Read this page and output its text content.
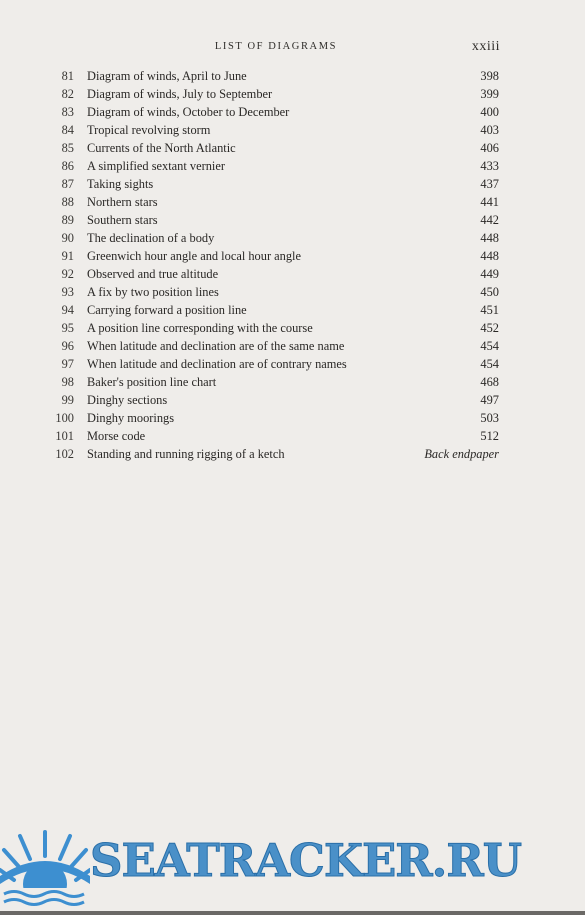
LIST OF DIAGRAMS	xxiii
81 Diagram of winds, April to June	398
82 Diagram of winds, July to September	399
83 Diagram of winds, October to December	400
84 Tropical revolving storm	403
85 Currents of the North Atlantic	406
86 A simplified sextant vernier	433
87 Taking sights	437
88 Northern stars	441
89 Southern stars	442
90 The declination of a body	448
91 Greenwich hour angle and local hour angle	448
92 Observed and true altitude	449
93 A fix by two position lines	450
94 Carrying forward a position line	451
95 A position line corresponding with the course	452
96 When latitude and declination are of the same name	454
97 When latitude and declination are of contrary names	454
98 Baker's position line chart	468
99 Dinghy sections	497
100 Dinghy moorings	503
101 Morse code	512
102 Standing and running rigging of a ketch	Back endpaper
SEATRACKER.RU
